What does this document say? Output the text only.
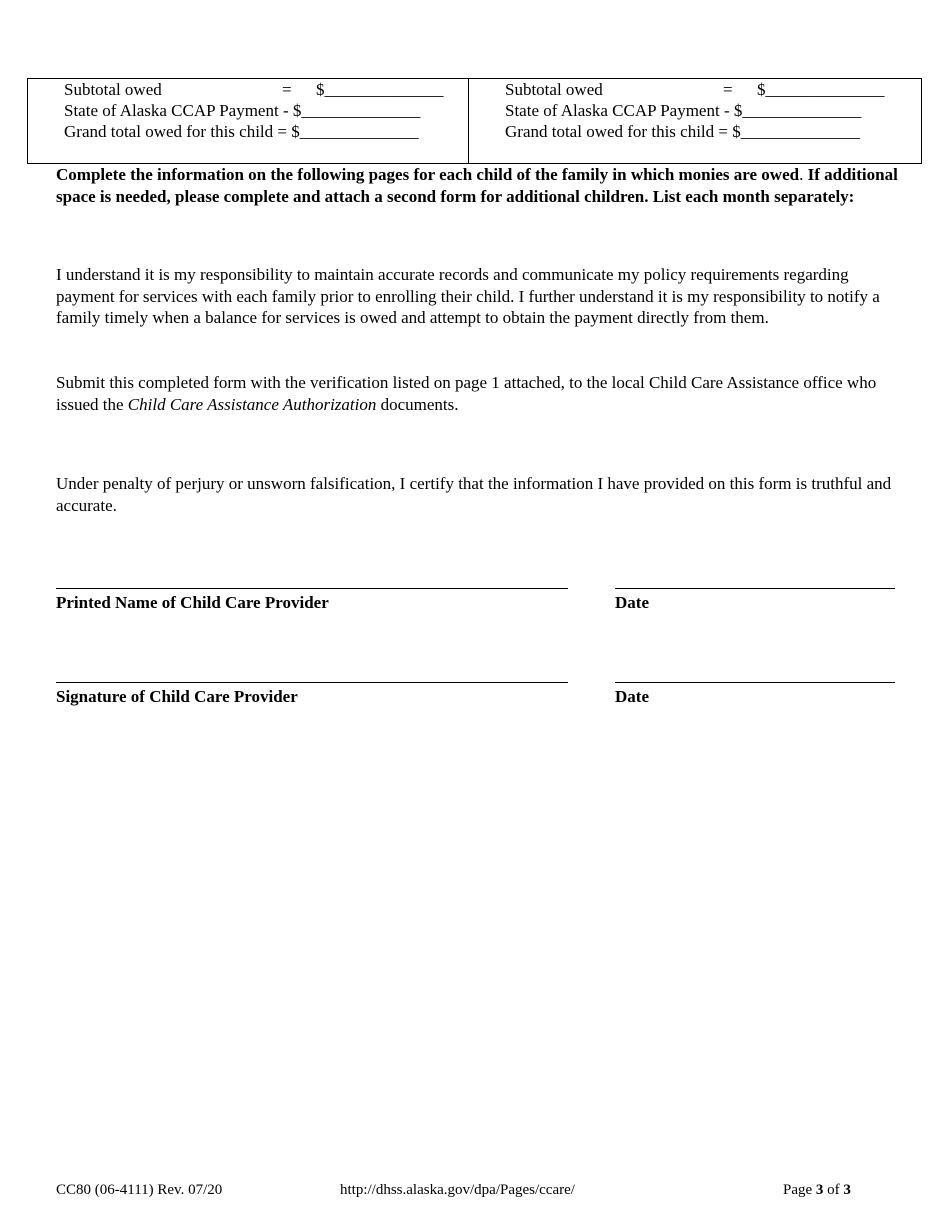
Subtotal owed	= $______________
State of Alaska CCAP Payment - $______________
Grand total owed for this child = $______________
Subtotal owed	= $______________
State of Alaska CCAP Payment - $______________
Grand total owed for this child = $______________
Complete the information on the following pages for each child of the family in which monies are owed. If additional space is needed, please complete and attach a second form for additional children. List each month separately:
I understand it is my responsibility to maintain accurate records and communicate my policy requirements regarding payment for services with each family prior to enrolling their child. I further understand it is my responsibility to notify a family timely when a balance for services is owed and attempt to obtain the payment directly from them.
Submit this completed form with the verification listed on page 1 attached, to the local Child Care Assistance office who issued the Child Care Assistance Authorization documents.
Under penalty of perjury or unsworn falsification, I certify that the information I have provided on this form is truthful and accurate.
Printed Name of Child Care Provider	Date
Signature of Child Care Provider	Date
CC80 (06-4111) Rev. 07/20	http://dhss.alaska.gov/dpa/Pages/ccare/	Page 3 of 3
